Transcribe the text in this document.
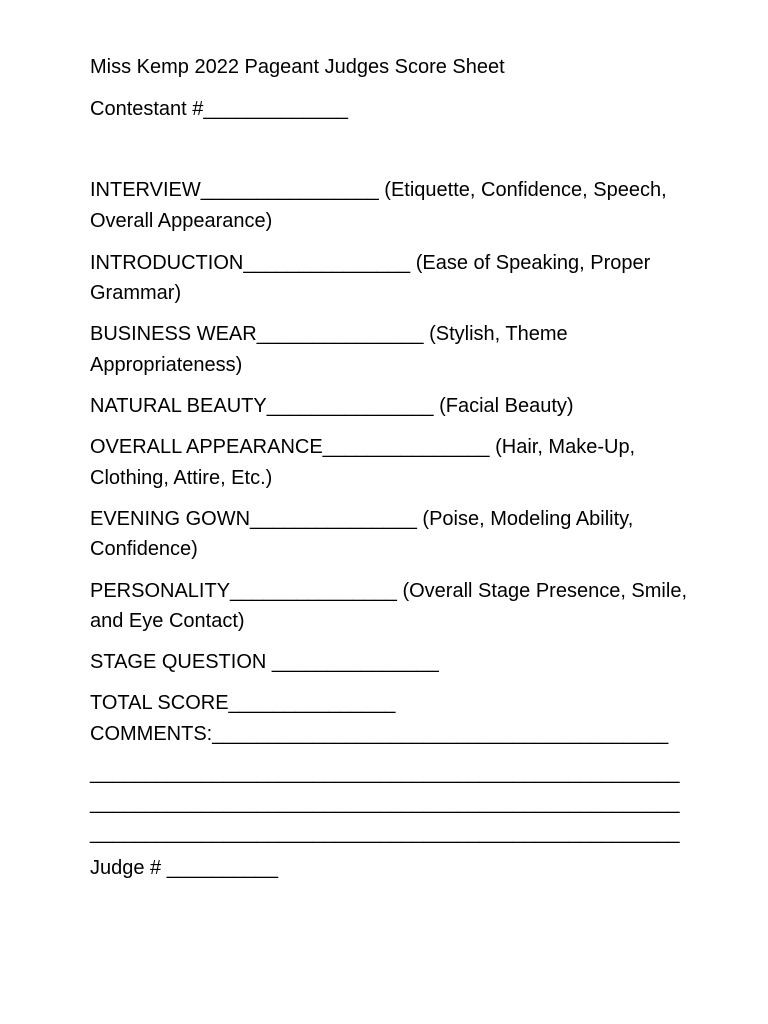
Miss Kemp 2022 Pageant Judges Score Sheet

Contestant #_____________

INTERVIEW________________ (Etiquette, Confidence, Speech,

Overall Appearance)

INTRODUCTION_______________ (Ease of Speaking, Proper

Grammar)

BUSINESS WEAR_______________ (Stylish, Theme

Appropriateness)

NATURAL BEAUTY_______________ (Facial Beauty)

OVERALL APPEARANCE_______________ (Hair, Make-Up,

Clothing, Attire, Etc.)

EVENING GOWN_______________ (Poise, Modeling Ability,

Confidence)

PERSONALITY_______________ (Overall Stage Presence, Smile,

and Eye Contact)

STAGE QUESTION _______________

TOTAL SCORE_______________

COMMENTS:_________________________________________

_____________________________________________________

_____________________________________________________

_____________________________________________________

Judge # __________
